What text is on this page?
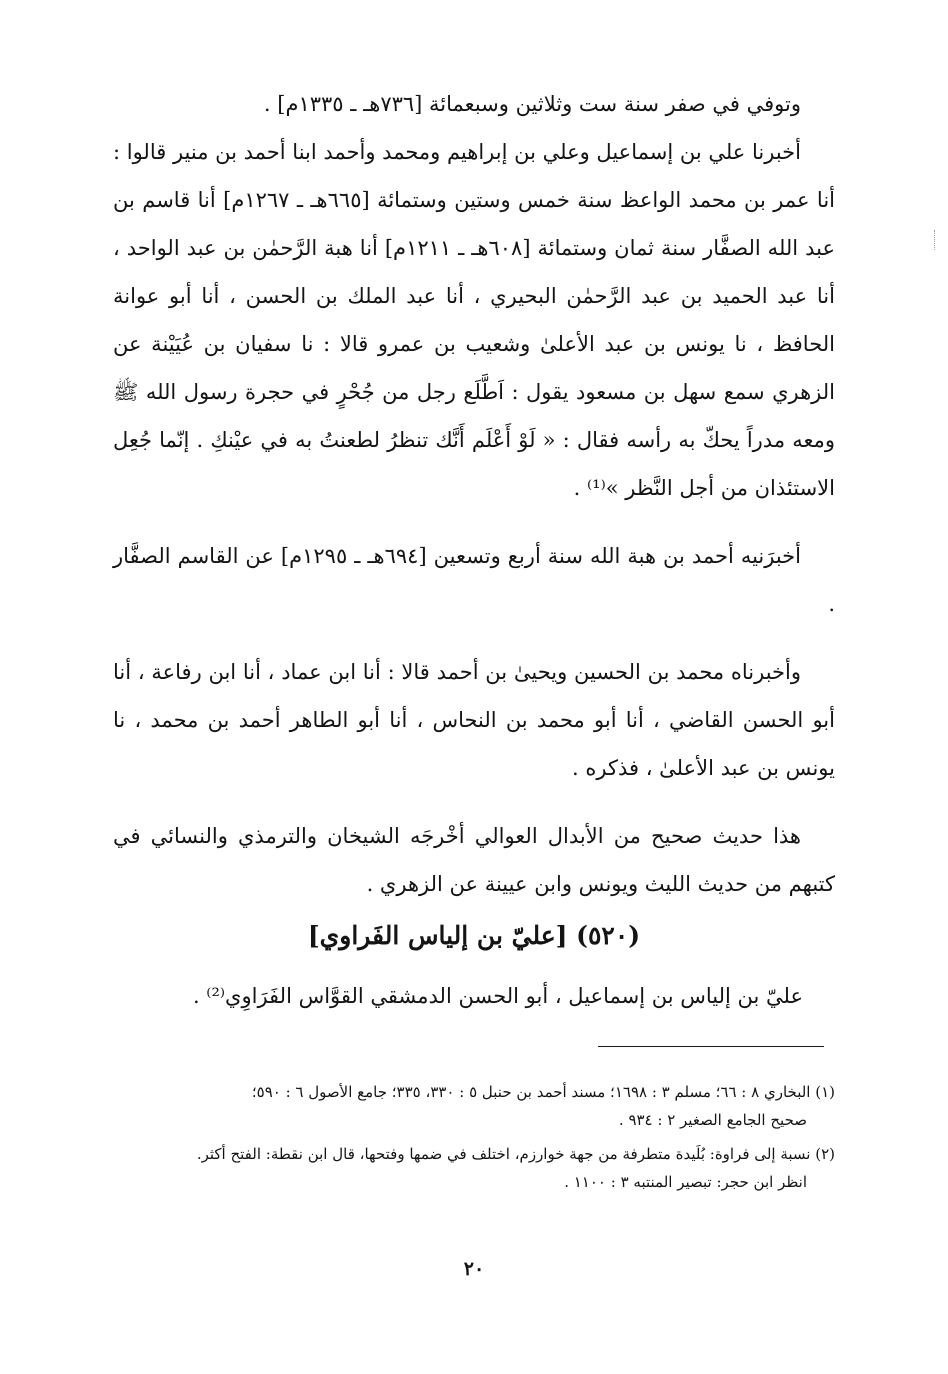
وتوفي في صفر سنة ست وثلاثين وسبعمائة [٧٣٦هـ ـ ١٣٣٥م] .

أخبرنا علي بن إسماعيل وعلي بن إبراهيم ومحمد وأحمد ابنا أحمد بن منير قالوا : أنا عمر بن محمد الواعظ سنة خمس وستين وستمائة [٦٦٥هـ ـ ١٢٦٧م] أنا قاسم بن عبد الله الصفَّار سنة ثمان وستمائة [٦٠٨هـ ـ ١٢١١م] أنا هبة الرَّحمٰن بن عبد الواحد ، أنا عبد الحميد بن عبد الرَّحمٰن البحيري ، أنا عبد الملك بن الحسن ، أنا أبو عوانة الحافظ ، نا يونس بن عبد الأعلىٰ وشعيب بن عمرو قالا : نا سفيان بن عُيَيْنة عن الزهري سمع سهل بن مسعود يقول : اَطَّلَع رجل من جُحْرٍ في حجرة رسول الله ﷺ ومعه مدراً يحكّ به رأسه فقال : « لَوْ أَعْلَم أَنَّك تنظرُ لطعنتُ به في عيْنكِ . إنّما جُعِل الاستئذان من أجل النَّظر »⁽¹⁾ .

أخبرَنيه أحمد بن هبة الله سنة أربع وتسعين [٦٩٤هـ ـ ١٢٩٥م] عن القاسم الصفَّار .

وأخبرناه محمد بن الحسين ويحيىٰ بن أحمد قالا : أنا ابن عماد ، أنا ابن رفاعة ، أنا أبو الحسن القاضي ، أنا أبو محمد بن النحاس ، أنا أبو الطاهر أحمد بن محمد ، نا يونس بن عبد الأعلىٰ ، فذكره .

هذا حديث صحيح من الأبدال العوالي أخْرجَه الشيخان والترمذي والنسائي في كتبهم من حديث الليث ويونس وابن عيينة عن الزهري .

(٥٢٠) [عليّ بن إلياس الفَراوي]
عليّ بن إلياس بن إسماعيل ، أبو الحسن الدمشقي القوَّاس الفَرَاوِي⁽²⁾ .

(١) البخاري ٨ : ٦٦؛ مسلم ٣ : ١٦٩٨؛ مسند أحمد بن حنبل ٥ : ٣٣٠، ٣٣٥؛ جامع الأصول ٦ : ٥٩٠؛
صحيح الجامع الصغير ٢ : ٩٣٤ .

(٢) نسبة إلى فراوة: بُلَيدة متطرفة من جهة خوارزم، اختلف في ضمها وفتحها، قال ابن نقطة: الفتح أكثر.
انظر ابن حجر: تبصير المنتبه ٣ : ١١٠٠ .

٢٠
